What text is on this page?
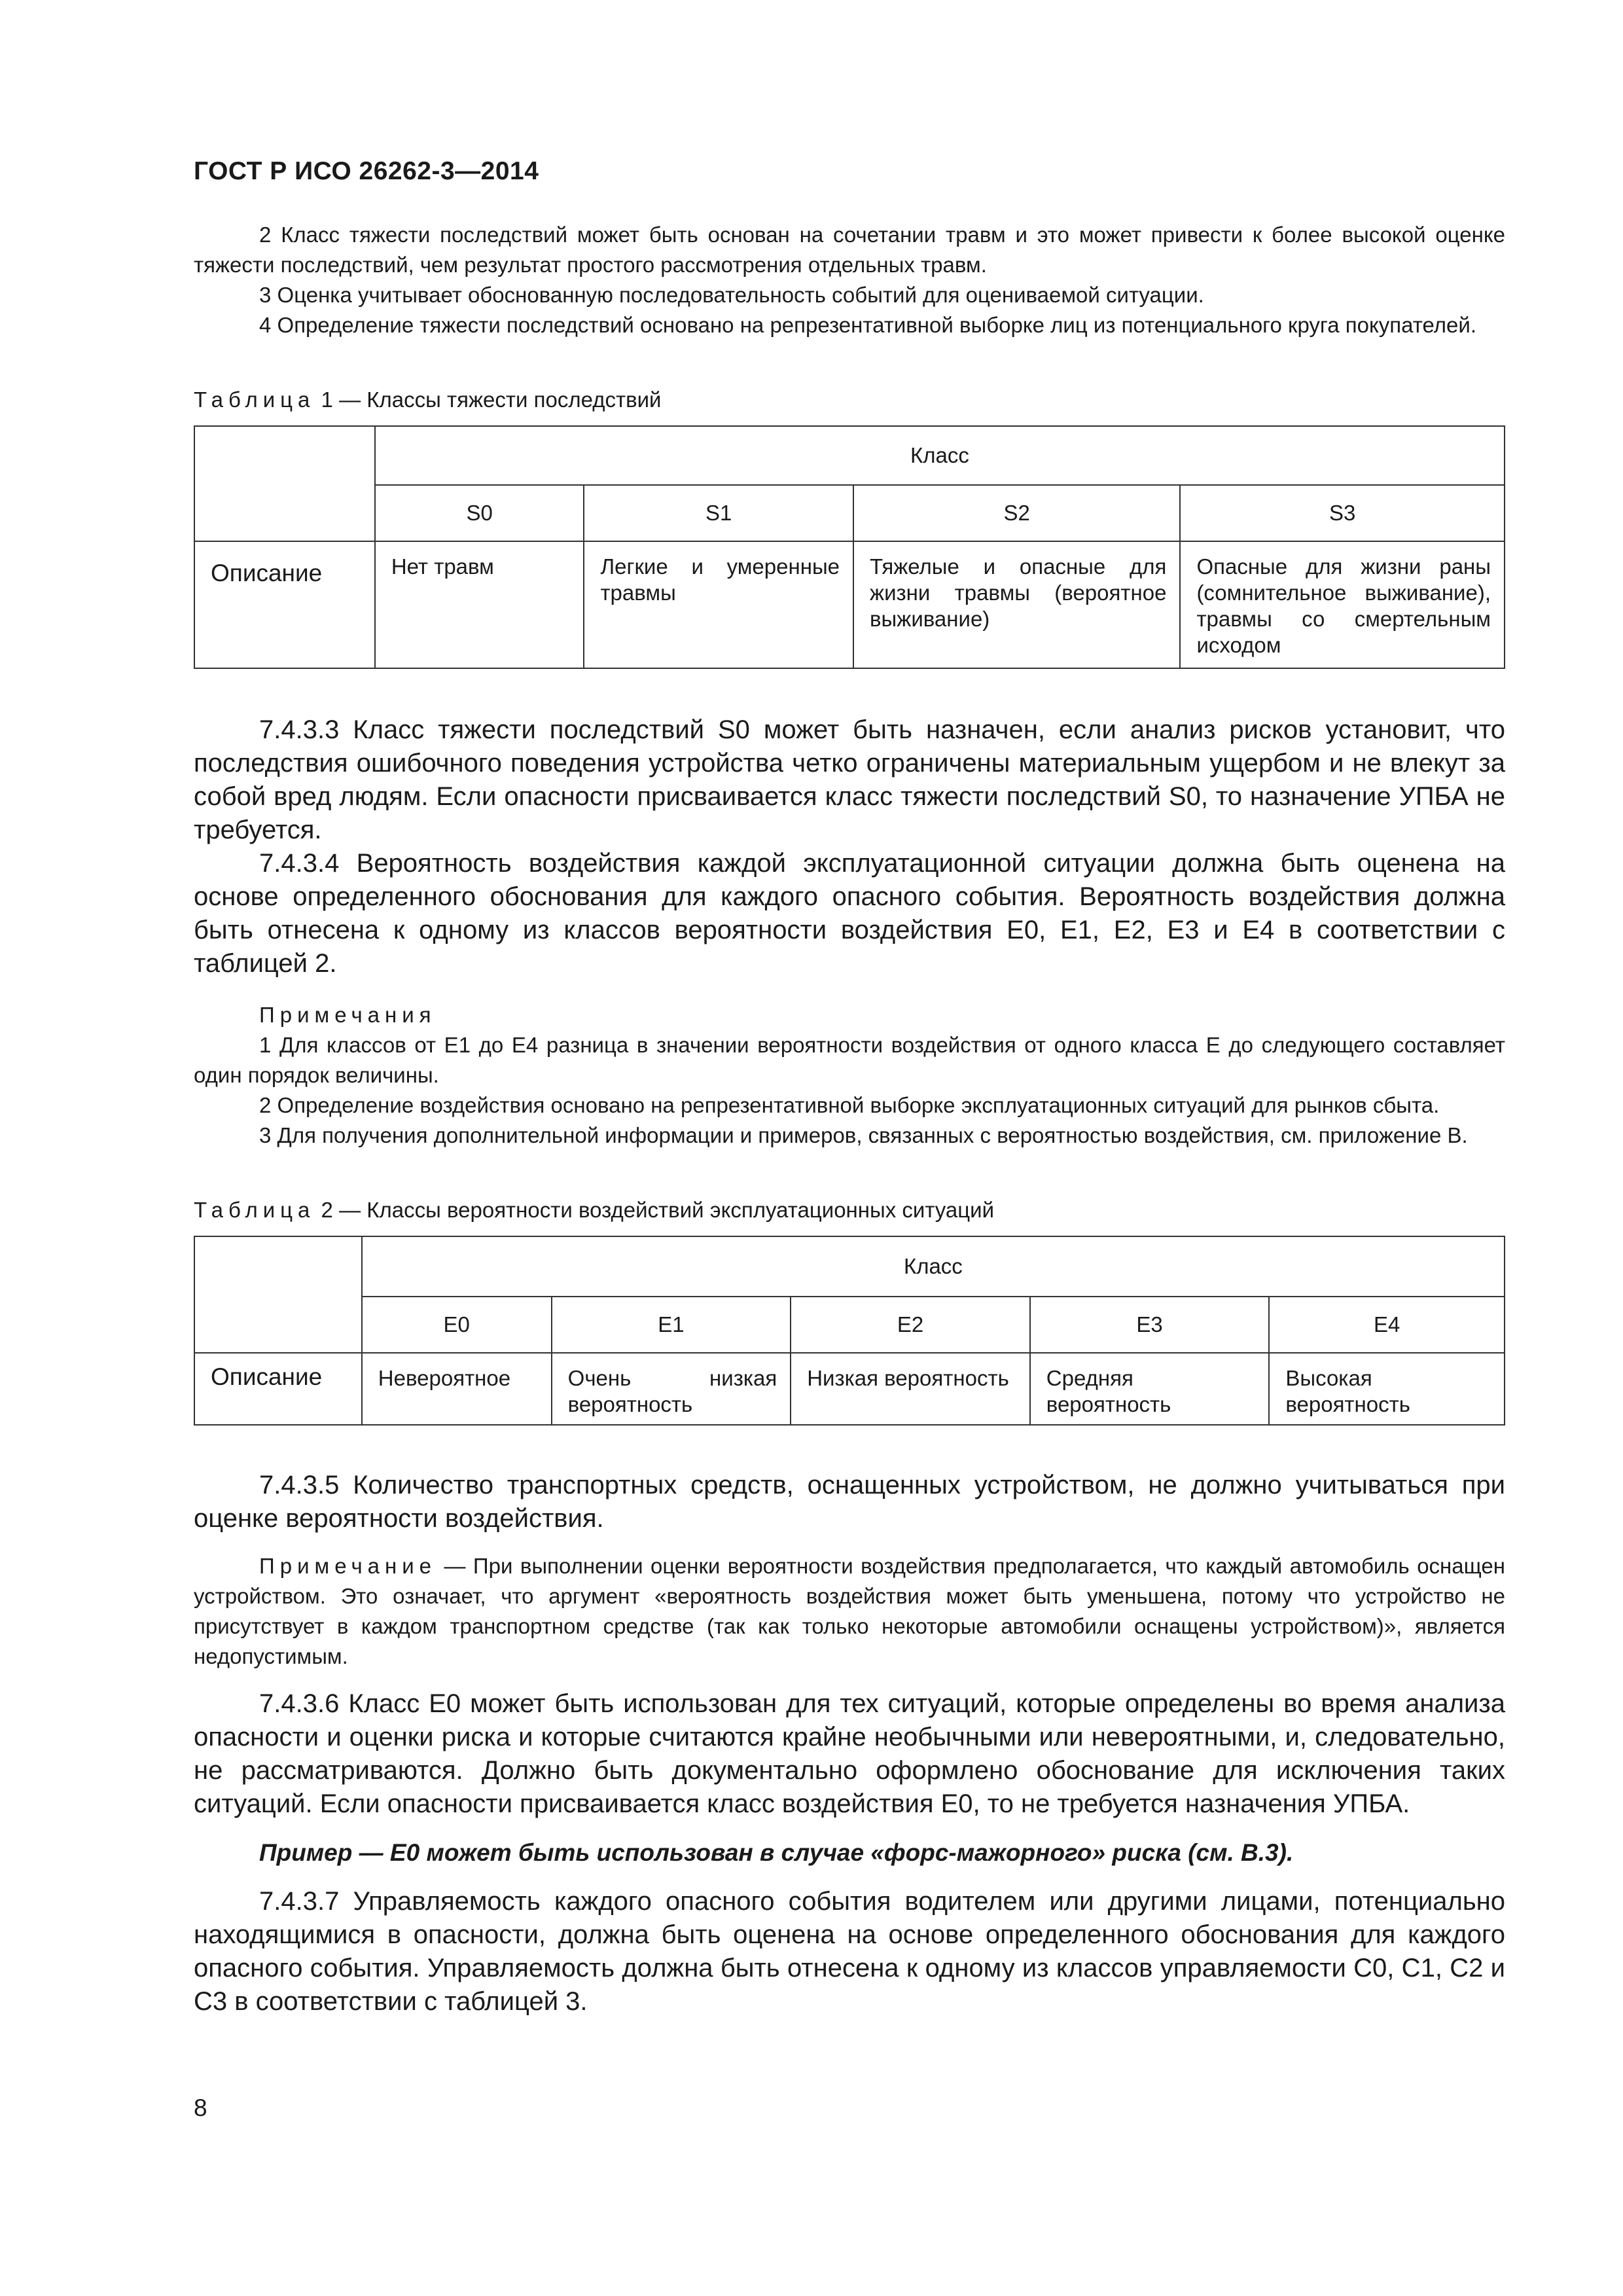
ГОСТ Р ИСО 26262-3—2014

2 Класс тяжести последствий может быть основан на сочетании травм и это может привести к более высокой оценке тяжести последствий, чем результат простого рассмотрения отдельных травм.

3 Оценка учитывает обоснованную последовательность событий для оцениваемой ситуации.

4 Определение тяжести последствий основано на репрезентативной выборке лиц из потенциального круга покупателей.

Таблица 1 — Классы тяжести последствий
	Класс			
	S0	S1	S2	S3
Описание	Нет травм	Легкие и умеренные травмы	Тяжелые и опасные для жизни травмы (вероятное выживание)	Опасные для жизни раны (сомнительное выживание), травмы со смертельным исходом

7.4.3.3 Класс тяжести последствий S0 может быть назначен, если анализ рисков установит, что последствия ошибочного поведения устройства четко ограничены материальным ущербом и не влекут за собой вред людям. Если опасности присваивается класс тяжести последствий S0, то назначение УПБА не требуется.

7.4.3.4 Вероятность воздействия каждой эксплуатационной ситуации должна быть оценена на основе определенного обоснования для каждого опасного события. Вероятность воздействия должна быть отнесена к одному из классов вероятности воздействия E0, E1, E2, E3 и E4 в соответствии с таблицей 2.

Примечания

1 Для классов от E1 до E4 разница в значении вероятности воздействия от одного класса E до следующего составляет один порядок величины.

2 Определение воздействия основано на репрезентативной выборке эксплуатационных ситуаций для рынков сбыта.

3 Для получения дополнительной информации и примеров, связанных с вероятностью воздействия, см. приложение B.

Таблица 2 — Классы вероятности воздействий эксплуатационных ситуаций
	Класс				
	E0	E1	E2	E3	E4
Описание	Невероятное	Очень низкая вероятность	Низкая вероятность	Средняя вероятность	Высокая вероятность

7.4.3.5 Количество транспортных средств, оснащенных устройством, не должно учитываться при оценке вероятности воздействия.

Примечание — При выполнении оценки вероятности воздействия предполагается, что каждый автомобиль оснащен устройством. Это означает, что аргумент «вероятность воздействия может быть уменьшена, потому что устройство не присутствует в каждом транспортном средстве (так как только некоторые автомобили оснащены устройством)», является недопустимым.

7.4.3.6 Класс E0 может быть использован для тех ситуаций, которые определены во время анализа опасности и оценки риска и которые считаются крайне необычными или невероятными, и, следовательно, не рассматриваются. Должно быть документально оформлено обоснование для исключения таких ситуаций. Если опасности присваивается класс воздействия E0, то не требуется назначения УПБА.

Пример — E0 может быть использован в случае «форс-мажорного» риска (см. B.3).

7.4.3.7 Управляемость каждого опасного события водителем или другими лицами, потенциально находящимися в опасности, должна быть оценена на основе определенного обоснования для каждого опасного события. Управляемость должна быть отнесена к одному из классов управляемости C0, C1, C2 и C3 в соответствии с таблицей 3.

8
